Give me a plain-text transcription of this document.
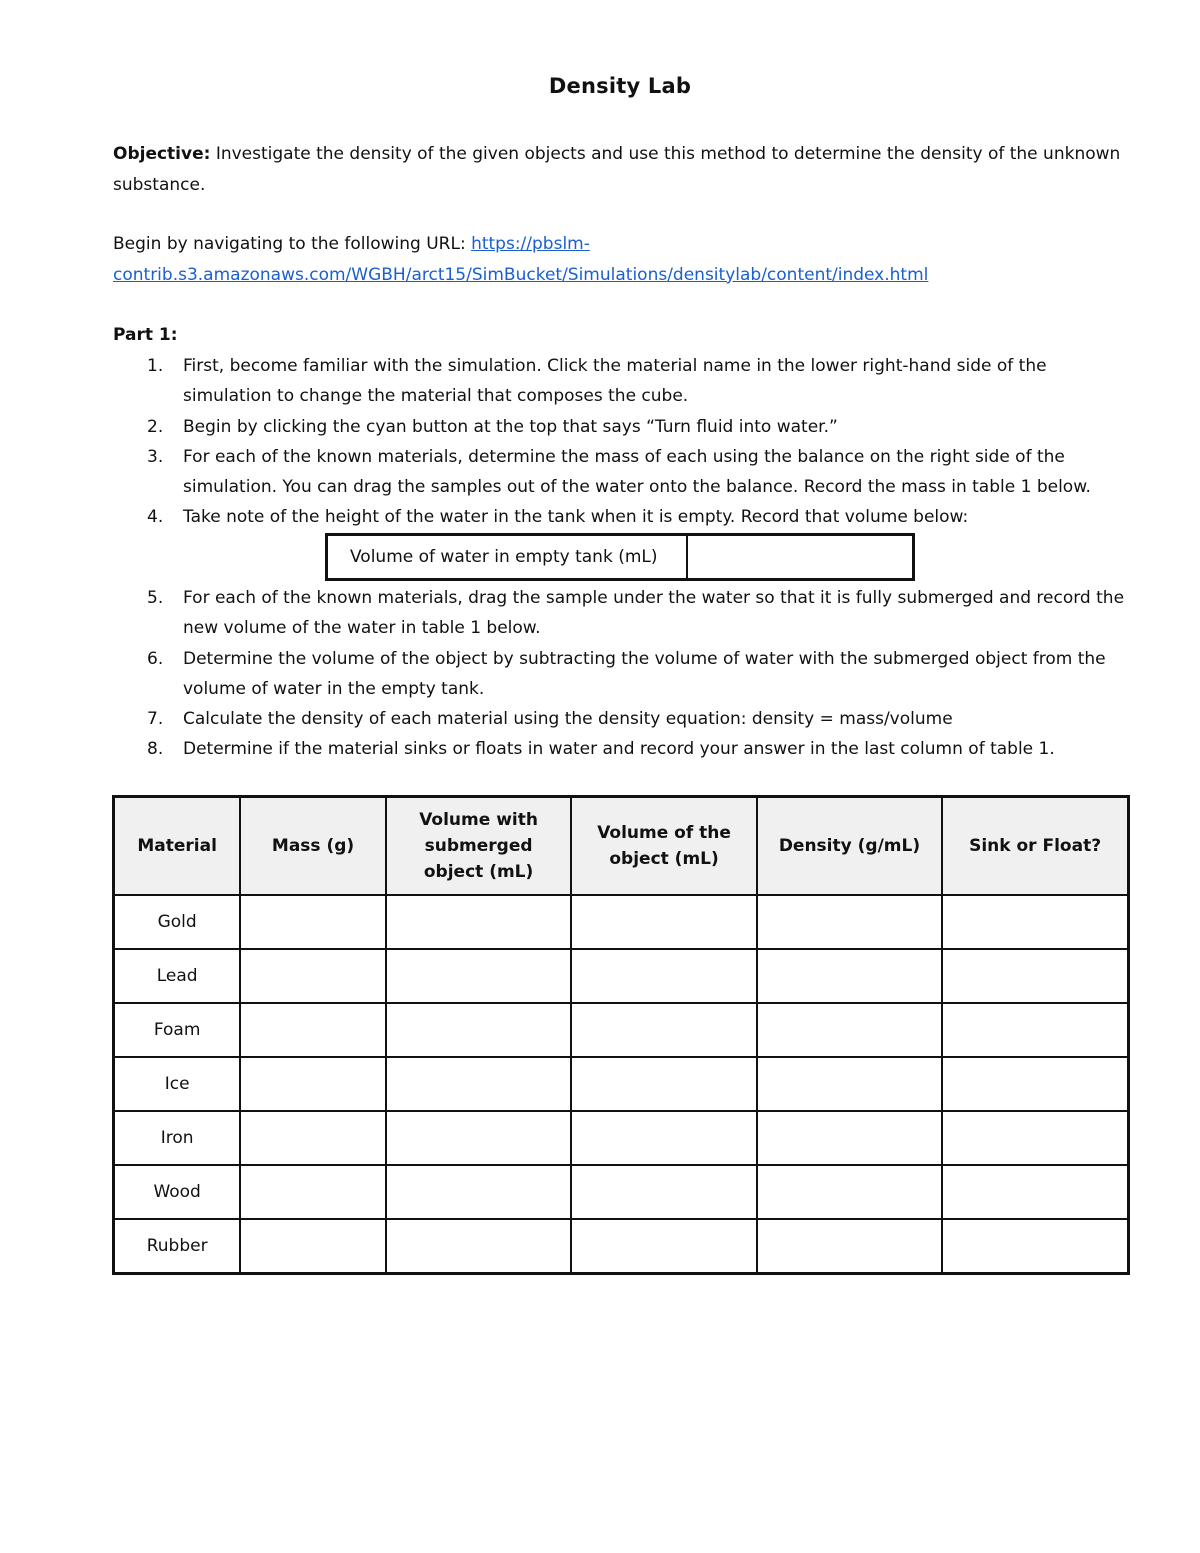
Density Lab
Objective: Investigate the density of the given objects and use this method to determine the density of the unknown substance.
Begin by navigating to the following URL: https://pbslm-contrib.s3.amazonaws.com/WGBH/arct15/SimBucket/Simulations/densitylab/content/index.html
Part 1:
1. First, become familiar with the simulation. Click the material name in the lower right-hand side of the simulation to change the material that composes the cube.
2. Begin by clicking the cyan button at the top that says “Turn fluid into water.”
3. For each of the known materials, determine the mass of each using the balance on the right side of the simulation. You can drag the samples out of the water onto the balance. Record the mass in table 1 below.
4. Take note of the height of the water in the tank when it is empty. Record that volume below:
Volume of water in empty tank (mL)
5. For each of the known materials, drag the sample under the water so that it is fully submerged and record the new volume of the water in table 1 below.
6. Determine the volume of the object by subtracting the volume of water with the submerged object from the volume of water in the empty tank.
7. Calculate the density of each material using the density equation: density = mass/volume
8. Determine if the material sinks or floats in water and record your answer in the last column of table 1.
Material	Mass (g)	Volume with submerged object (mL)	Volume of the object (mL)	Density (g/mL)	Sink or Float?
Gold					
Lead					
Foam					
Ice					
Iron					
Wood					
Rubber					
